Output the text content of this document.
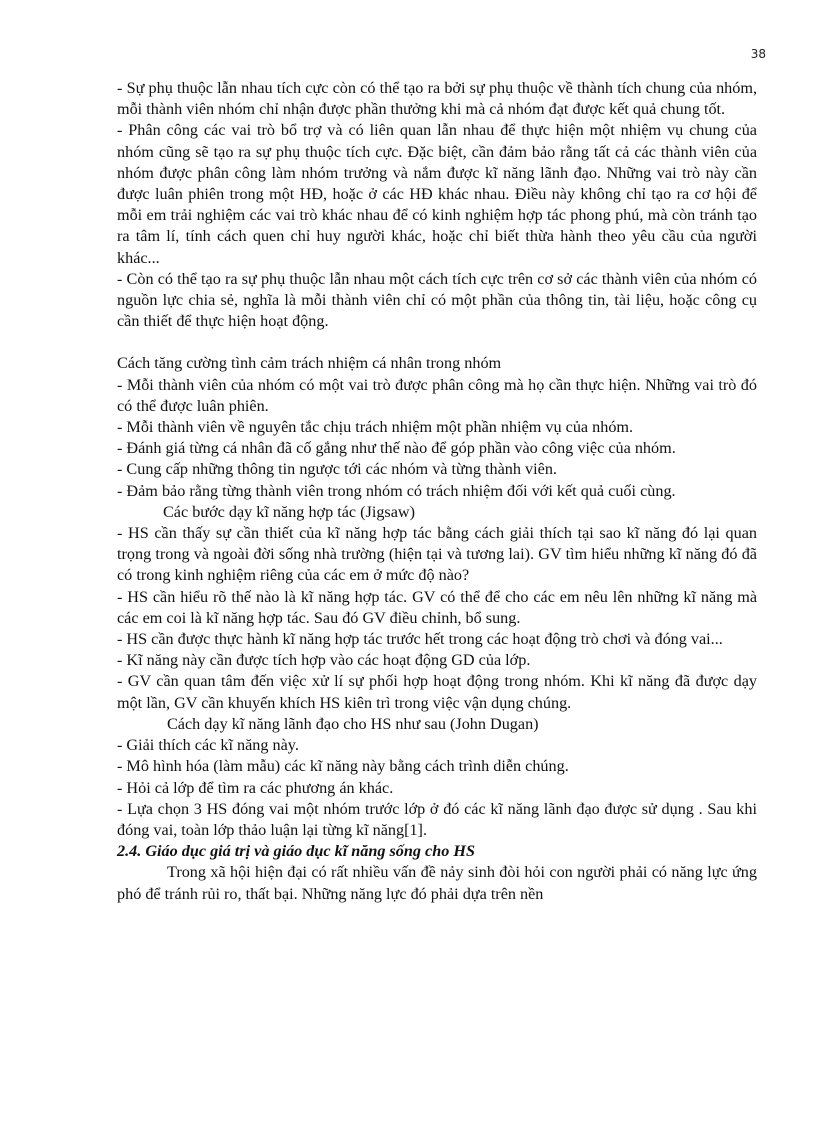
38

- Sự phụ thuộc lẫn nhau tích cực còn có thể tạo ra bởi sự phụ thuộc về thành tích chung của nhóm, mỗi thành viên nhóm chỉ nhận được phần thưởng khi mà cả nhóm đạt được kết quả chung tốt.

- Phân công các vai trò bổ trợ và có liên quan lẫn nhau để thực hiện một nhiệm vụ chung của nhóm cũng sẽ tạo ra sự phụ thuộc tích cực. Đặc biệt, cần đảm bảo rằng tất cả các thành viên của nhóm được phân công làm nhóm trưởng và nắm được kĩ năng lãnh đạo. Những vai trò này cần được luân phiên trong một HĐ, hoặc ở các HĐ khác nhau. Điều này không chỉ tạo ra cơ hội để mỗi em trải nghiệm các vai trò khác nhau để có kinh nghiệm hợp tác phong phú, mà còn tránh tạo ra tâm lí, tính cách quen chỉ huy người khác, hoặc chỉ biết thừa hành theo yêu cầu của người khác...

- Còn có thể tạo ra sự phụ thuộc lẫn nhau một cách tích cực trên cơ sở các thành viên của nhóm có nguồn lực chia sẻ, nghĩa là mỗi thành viên chỉ có một phần của thông tin, tài liệu, hoặc công cụ cần thiết để thực hiện hoạt động.

Cách tăng cường tình cảm trách nhiệm cá nhân trong nhóm

- Mỗi thành viên của nhóm có một vai trò được phân công mà họ cần thực hiện. Những vai trò đó có thể được luân phiên.

- Mỗi thành viên về nguyên tắc chịu trách nhiệm một phần nhiệm vụ của nhóm.

- Đánh giá từng cá nhân đã cố gắng như thế nào để góp phần vào công việc của nhóm.

- Cung cấp những thông tin ngược tới các nhóm và từng thành viên.

- Đảm bảo rằng từng thành viên trong nhóm có trách nhiệm đối với kết quả cuối cùng.

Các bước dạy kĩ năng hợp tác (Jigsaw)

- HS cần thấy sự cần thiết của kĩ năng hợp tác bằng cách giải thích tại sao kĩ năng đó lại quan trọng trong và ngoài đời sống nhà trường (hiện tại và tương lai). GV tìm hiểu những kĩ năng đó đã có trong kinh nghiệm riêng của các em ở mức độ nào?

- HS cần hiểu rõ thế nào là kĩ năng hợp tác. GV có thể để cho các em nêu lên những kĩ năng mà các em coi là kĩ năng hợp tác. Sau đó GV điều chỉnh, bổ sung.

- HS cần được thực hành kĩ năng hợp tác trước hết trong các hoạt động trò chơi và đóng vai...

- Kĩ năng này cần được tích hợp vào các hoạt động GD của lớp.

- GV cần quan tâm đến việc xử lí sự phối hợp hoạt động trong nhóm. Khi kĩ năng đã được dạy một lần, GV cần khuyến khích HS kiên trì trong việc vận dụng chúng.

Cách dạy kĩ năng lãnh đạo cho HS như sau (John Dugan)

- Giải thích các kĩ năng này.

- Mô hình hóa (làm mẫu) các kĩ năng này bằng cách trình diễn chúng.

- Hỏi cả lớp để tìm ra các phương án khác.

- Lựa chọn 3 HS đóng vai một nhóm trước lớp ở đó các kĩ năng lãnh đạo được sử dụng . Sau khi đóng vai, toàn lớp thảo luận lại từng kĩ năng[1].

2.4. Giáo dục giá trị và giáo dục kĩ năng sống cho HS

Trong xã hội hiện đại có rất nhiều vấn đề nảy sinh đòi hỏi con người phải có năng lực ứng phó để tránh rủi ro, thất bại. Những năng lực đó phải dựa trên nền
